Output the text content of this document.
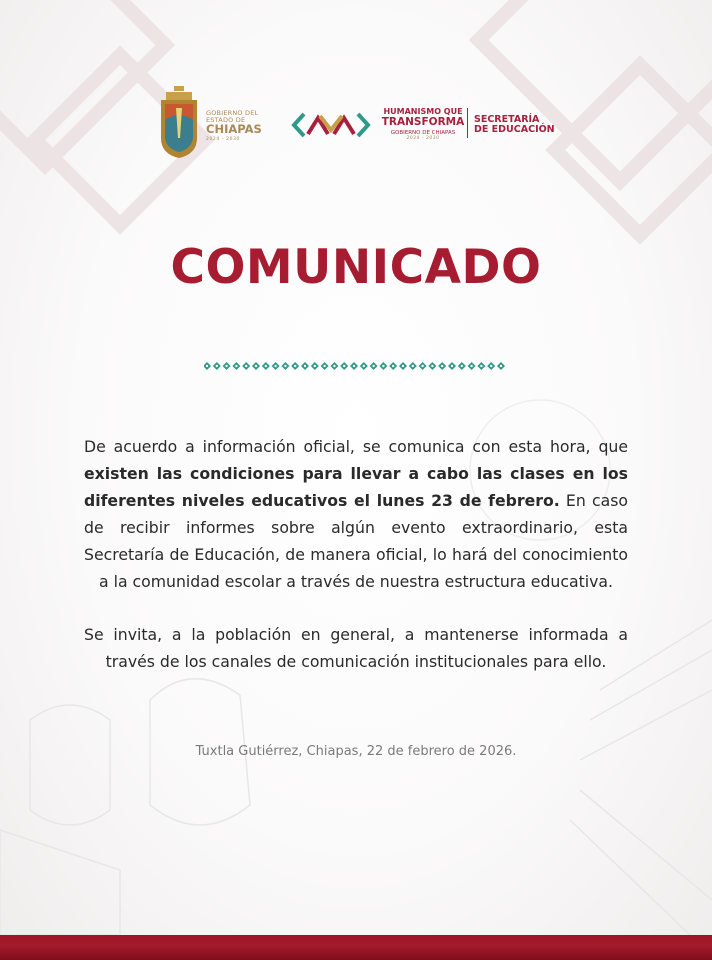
GOBIERNO DEL ESTADO DE
CHIAPAS
2024 - 2030
HUMANISMO QUE
TRANSFORMA
GOBIERNO DE CHIAPAS
2024 - 2030
SECRETARÍA
DE EDUCACIÓN
COMUNICADO

De acuerdo a información oficial, se comunica con esta hora, que existen las condiciones para llevar a cabo las clases en los diferentes niveles educativos el lunes 23 de febrero. En caso de recibir informes sobre algún evento extraordinario, esta Secretaría de Educación, de manera oficial, lo hará del conocimiento a la comunidad escolar a través de nuestra estructura educativa.

Se invita, a la población en general, a mantenerse informada a través de los canales de comunicación institucionales para ello.

Tuxtla Gutiérrez, Chiapas, 22 de febrero de 2026.
